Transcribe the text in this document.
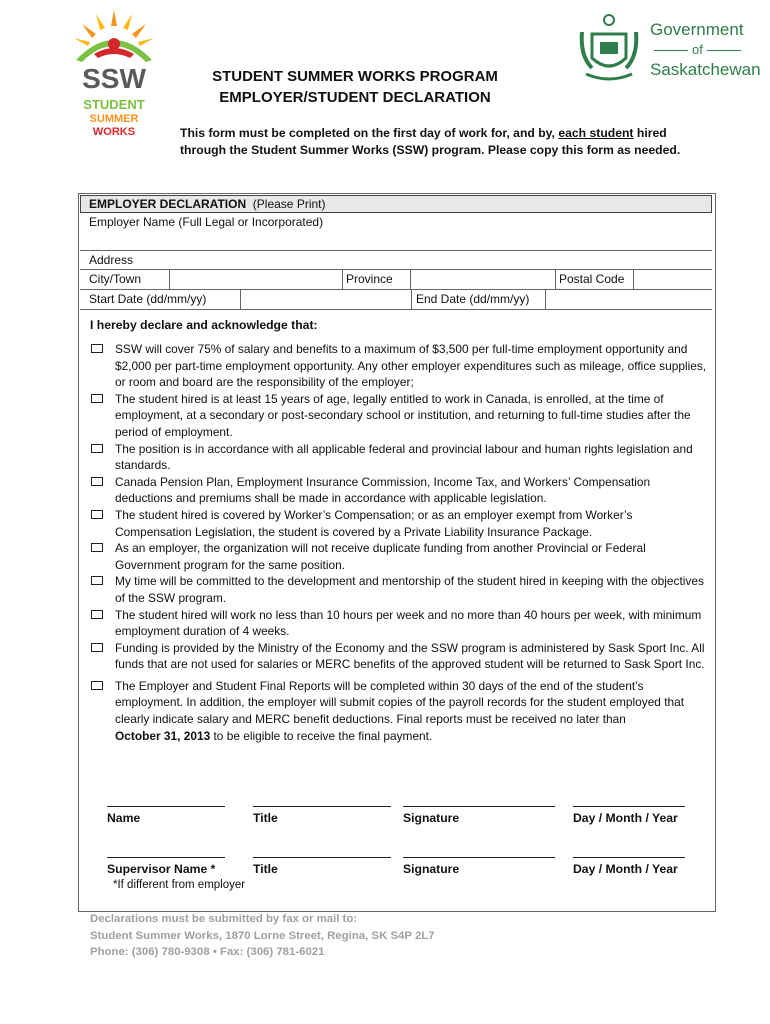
SSW
STUDENT
SUMMER
WORKS
Government
of
Saskatchewan
STUDENT SUMMER WORKS PROGRAM
EMPLOYER/STUDENT DECLARATION
This form must be completed on the first day of work for, and by, each student hired through the Student Summer Works (SSW) program. Please copy this form as needed.
EMPLOYER DECLARATION (Please Print)
Employer Name (Full Legal or Incorporated)
Address
City/Town	Province	Postal Code
Start Date (dd/mm/yy)	End Date (dd/mm/yy)
I hereby declare and acknowledge that:
SSW will cover 75% of salary and benefits to a maximum of $3,500 per full-time employment opportunity and $2,000 per part-time employment opportunity. Any other employer expenditures such as mileage, office supplies, or room and board are the responsibility of the employer;
The student hired is at least 15 years of age, legally entitled to work in Canada, is enrolled, at the time of employment, at a secondary or post-secondary school or institution, and returning to full-time studies after the period of employment.
The position is in accordance with all applicable federal and provincial labour and human rights legislation and standards.
Canada Pension Plan, Employment Insurance Commission, Income Tax, and Workers’ Compensation deductions and premiums shall be made in accordance with applicable legislation.
The student hired is covered by Worker’s Compensation; or as an employer exempt from Worker’s Compensation Legislation, the student is covered by a Private Liability Insurance Package.
As an employer, the organization will not receive duplicate funding from another Provincial or Federal Government program for the same position.
My time will be committed to the development and mentorship of the student hired in keeping with the objectives of the SSW program.
The student hired will work no less than 10 hours per week and no more than 40 hours per week, with minimum employment duration of 4 weeks.
Funding is provided by the Ministry of the Economy and the SSW program is administered by Sask Sport Inc. All funds that are not used for salaries or MERC benefits of the approved student will be returned to Sask Sport Inc.
The Employer and Student Final Reports will be completed within 30 days of the end of the student’s employment. In addition, the employer will submit copies of the payroll records for the student employed that clearly indicate salary and MERC benefit deductions. Final reports must be received no later than
October 31, 2013 to be eligible to receive the final payment.
Name	Title	Signature	Day / Month / Year
Supervisor Name *	Title	Signature	Day / Month / Year
*If different from employer
Declarations must be submitted by fax or mail to:
Student Summer Works, 1870 Lorne Street, Regina, SK S4P 2L7
Phone: (306) 780-9308 • Fax: (306) 781-6021
